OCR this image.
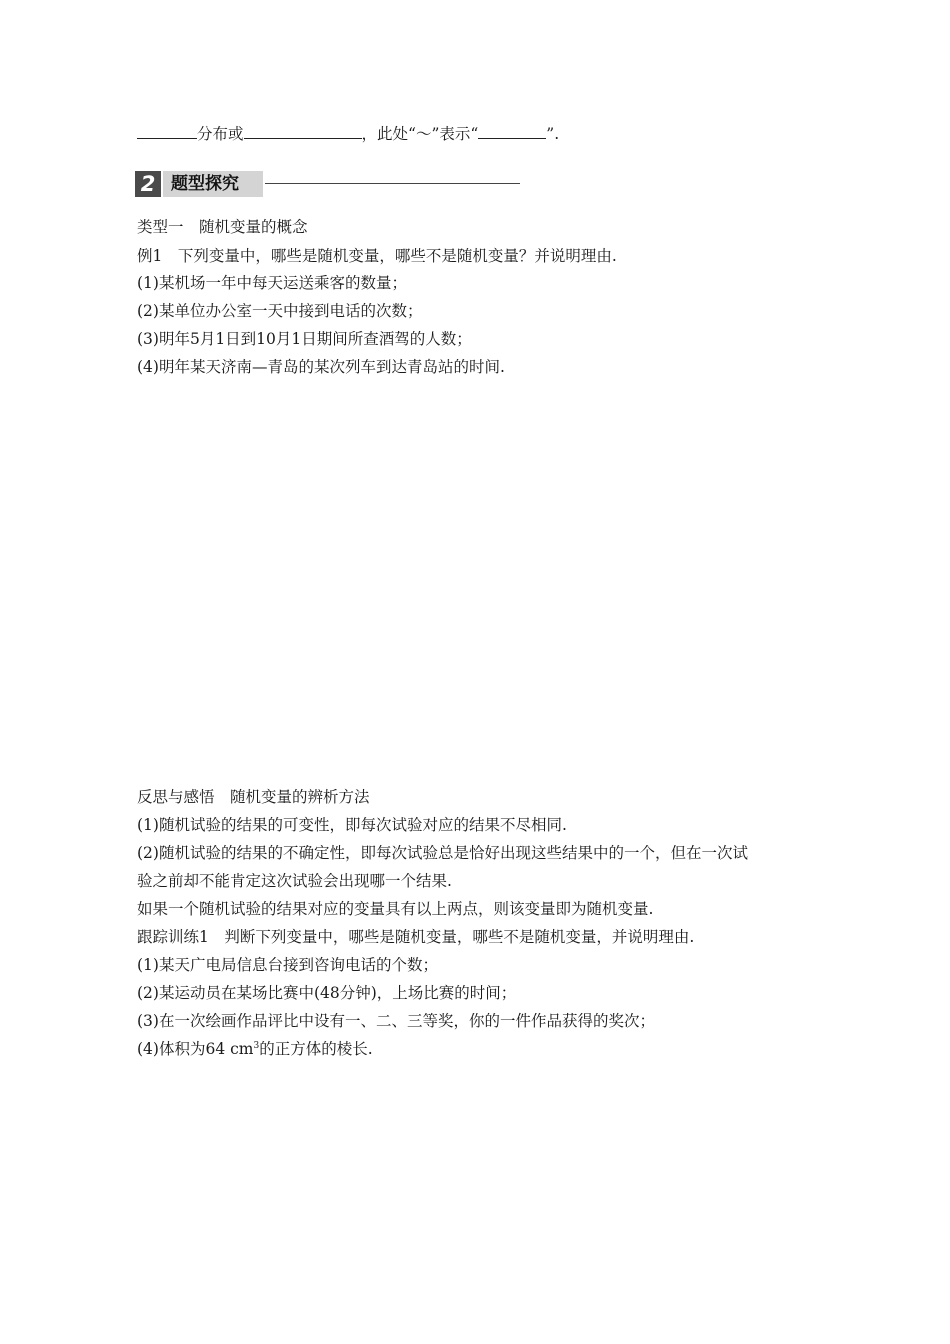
分布或	，此处“～”表示“	”.
2 题型探究
类型一　随机变量的概念
例1　下列变量中，哪些是随机变量，哪些不是随机变量？并说明理由.
(1)某机场一年中每天运送乘客的数量；
(2)某单位办公室一天中接到电话的次数；
(3)明年5月1日到10月1日期间所查酒驾的人数；
(4)明年某天济南—青岛的某次列车到达青岛站的时间.
反思与感悟　随机变量的辨析方法
(1)随机试验的结果的可变性，即每次试验对应的结果不尽相同.
(2)随机试验的结果的不确定性，即每次试验总是恰好出现这些结果中的一个，但在一次试
验之前却不能肯定这次试验会出现哪一个结果.
如果一个随机试验的结果对应的变量具有以上两点，则该变量即为随机变量.
跟踪训练1　判断下列变量中，哪些是随机变量，哪些不是随机变量，并说明理由.
(1)某天广电局信息台接到咨询电话的个数；
(2)某运动员在某场比赛中(48分钟)，上场比赛的时间；
(3)在一次绘画作品评比中设有一、二、三等奖，你的一件作品获得的奖次；
(4)体积为64 $cm^3$的正方体的棱长.
